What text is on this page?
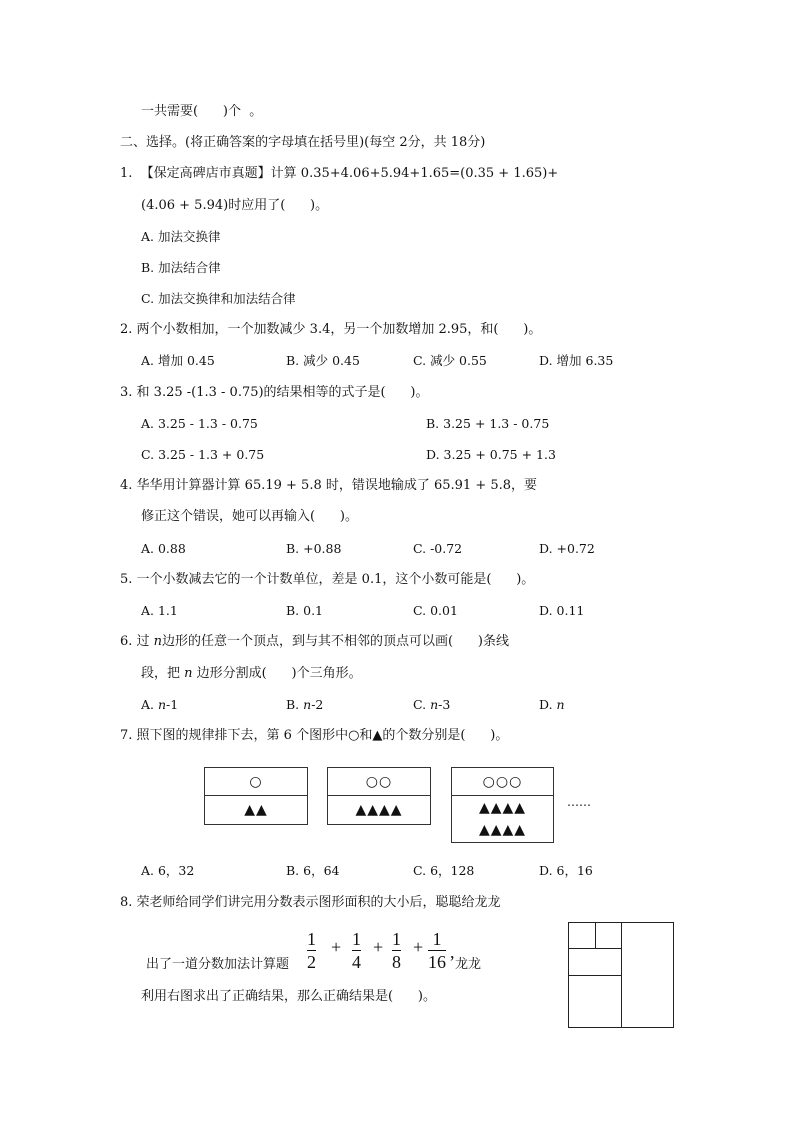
一共需要(      )个  。
二、选择。(将正确答案的字母填在括号里)(每空 2分，共 18分)
1.  【保定高碑店市真题】计算 0.35+4.06+5.94+1.65=(0.35 + 1.65)+
(4.06 + 5.94)时应用了(      )。
A. 加法交换律
B. 加法结合律
C. 加法交换律和加法结合律
2. 两个小数相加，一个加数减少 3.4，另一个加数增加 2.95，和(      )。
A. 增加 0.45	B. 减少 0.45	C. 减少 0.55	D. 增加 6.35
3. 和 3.25 -(1.3 - 0.75)的结果相等的式子是(      )。
A. 3.25 - 1.3 - 0.75	B. 3.25 + 1.3 - 0.75
C. 3.25 - 1.3 + 0.75	D. 3.25 + 0.75 + 1.3
4. 华华用计算器计算 65.19 + 5.8 时，错误地输成了 65.91 + 5.8，要
修正这个错误，她可以再输入(      )。
A. 0.88	B. +0.88	C. -0.72	D. +0.72
5. 一个小数减去它的一个计数单位，差是 0.1，这个小数可能是(      )。
A. 1.1	B. 0.1	C. 0.01	D. 0.11
6. 过 n边形的任意一个顶点，到与其不相邻的顶点可以画(      )条线
段，把 n 边形分割成(      )个三角形。
A. n-1	B. n-2	C. n-3	D. n
7. 照下图的规律排下去，第 6 个图形中○和▲的个数分别是(      )。
○
▲▲
○○
▲▲▲▲
○○○
▲▲▲▲
▲▲▲▲
……
A. 6，32	B. 6，64	C. 6，128	D. 6，16
8. 荣老师给同学们讲完用分数表示图形面积的大小后，聪聪给龙龙
出了一道分数加法计算题
1
2
+ 1
4
+ 1
8
+ 1
16 ,
龙龙
利用右图求出了正确结果，那么正确结果是(      )。
